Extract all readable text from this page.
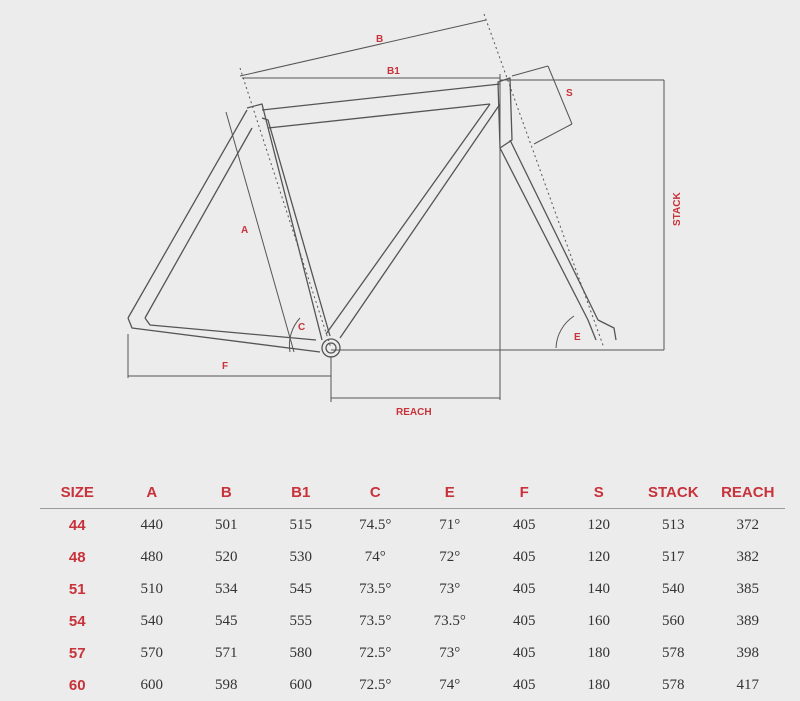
B
B1
S
A
C
E
F
REACH
STACK
SIZE	A	B	B1	C	E	F	S	STACK	REACH
44	440	501	515	74.5°	71°	405	120	513	372
48	480	520	530	74°	72°	405	120	517	382
51	510	534	545	73.5°	73°	405	140	540	385
54	540	545	555	73.5°	73.5°	405	160	560	389
57	570	571	580	72.5°	73°	405	180	578	398
60	600	598	600	72.5°	74°	405	180	578	417
